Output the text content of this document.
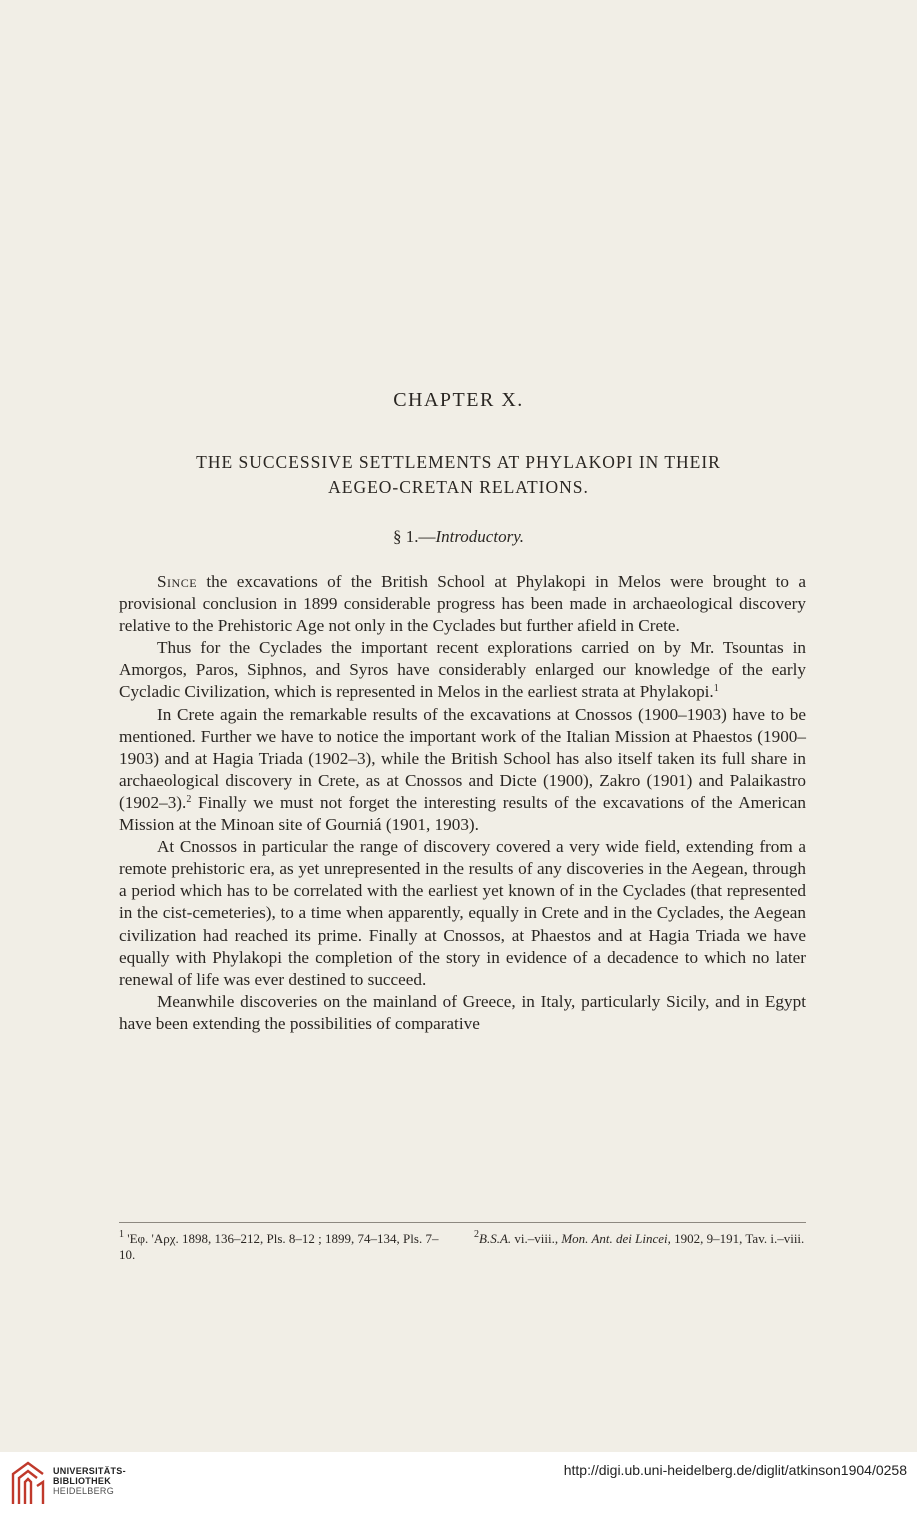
CHAPTER X.
THE SUCCESSIVE SETTLEMENTS AT PHYLAKOPI IN THEIR
AEGEO-CRETAN RELATIONS.
§ 1.—Introductory.

Since the excavations of the British School at Phylakopi in Melos were brought to a provisional conclusion in 1899 considerable progress has been made in archaeological discovery relative to the Prehistoric Age not only in the Cyclades but further afield in Crete.

Thus for the Cyclades the important recent explorations carried on by Mr. Tsountas in Amorgos, Paros, Siphnos, and Syros have considerably enlarged our knowledge of the early Cycladic Civilization, which is represented in Melos in the earliest strata at Phylakopi.$^1$

In Crete again the remarkable results of the excavations at Cnossos (1900–1903) have to be mentioned. Further we have to notice the important work of the Italian Mission at Phaestos (1900–1903) and at Hagia Triada (1902–3), while the British School has also itself taken its full share in archaeological discovery in Crete, as at Cnossos and Dicte (1900), Zakro (1901) and Palaikastro (1902–3).$^2$ Finally we must not forget the interesting results of the excavations of the American Mission at the Minoan site of Gourniá (1901, 1903).

At Cnossos in particular the range of discovery covered a very wide field, extending from a remote prehistoric era, as yet unrepresented in the results of any discoveries in the Aegean, through a period which has to be correlated with the earliest yet known of in the Cyclades (that represented in the cist-cemeteries), to a time when apparently, equally in Crete and in the Cyclades, the Aegean civilization had reached its prime. Finally at Cnossos, at Phaestos and at Hagia Triada we have equally with Phylakopi the completion of the story in evidence of a decadence to which no later renewal of life was ever destined to succeed.

Meanwhile discoveries on the mainland of Greece, in Italy, particularly Sicily, and in Egypt have been extending the possibilities of comparative

$^1$ 'Εφ. 'Αρχ. 1898, 136–212, Pls. 8–12 ; 1899, 74–134, Pls. 7–10.
$^2$B.S.A. vi.–viii., Mon. Ant. dei Lincei, 1902, 9–191, Tav. i.–viii.
UNIVERSITÄTS-
BIBLIOTHEK
HEIDELBERG
http://digi.ub.uni-heidelberg.de/diglit/atkinson1904/0258
